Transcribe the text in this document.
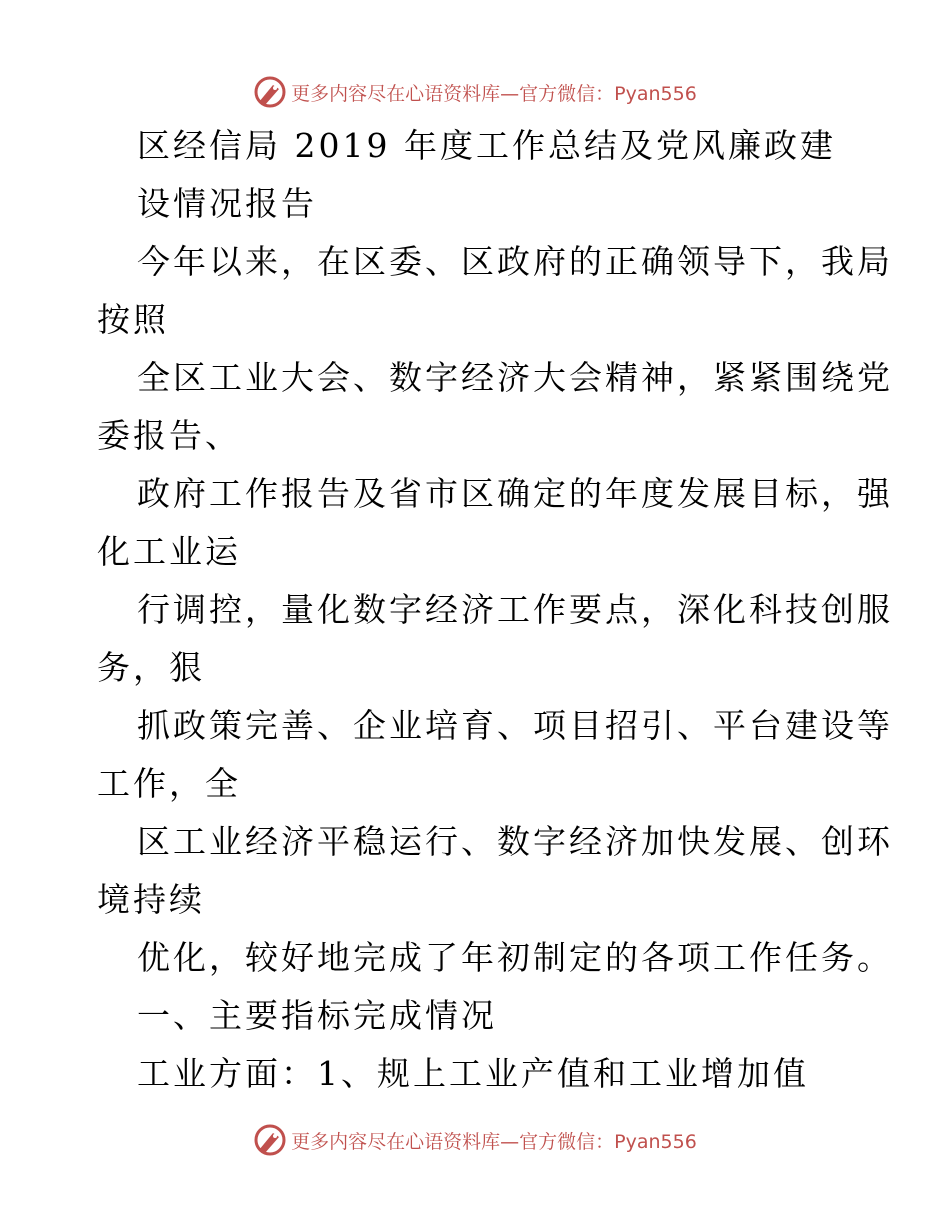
更多内容尽在心语资料库—官方微信：Pyan556
区经信局 2019 年度工作总结及党风廉政建
设情况报告
今年以来，在区委、区政府的正确领导下，我局
按照
全区工业大会、数字经济大会精神，紧紧围绕党
委报告、
政府工作报告及省市区确定的年度发展目标，强
化工业运
行调控，量化数字经济工作要点，深化科技创服
务，狠
抓政策完善、企业培育、项目招引、平台建设等
工作，全
区工业经济平稳运行、数字经济加快发展、创环
境持续
优化，较好地完成了年初制定的各项工作任务。
一、主要指标完成情况
工业方面：1、规上工业产值和工业增加值
更多内容尽在心语资料库—官方微信：Pyan556
